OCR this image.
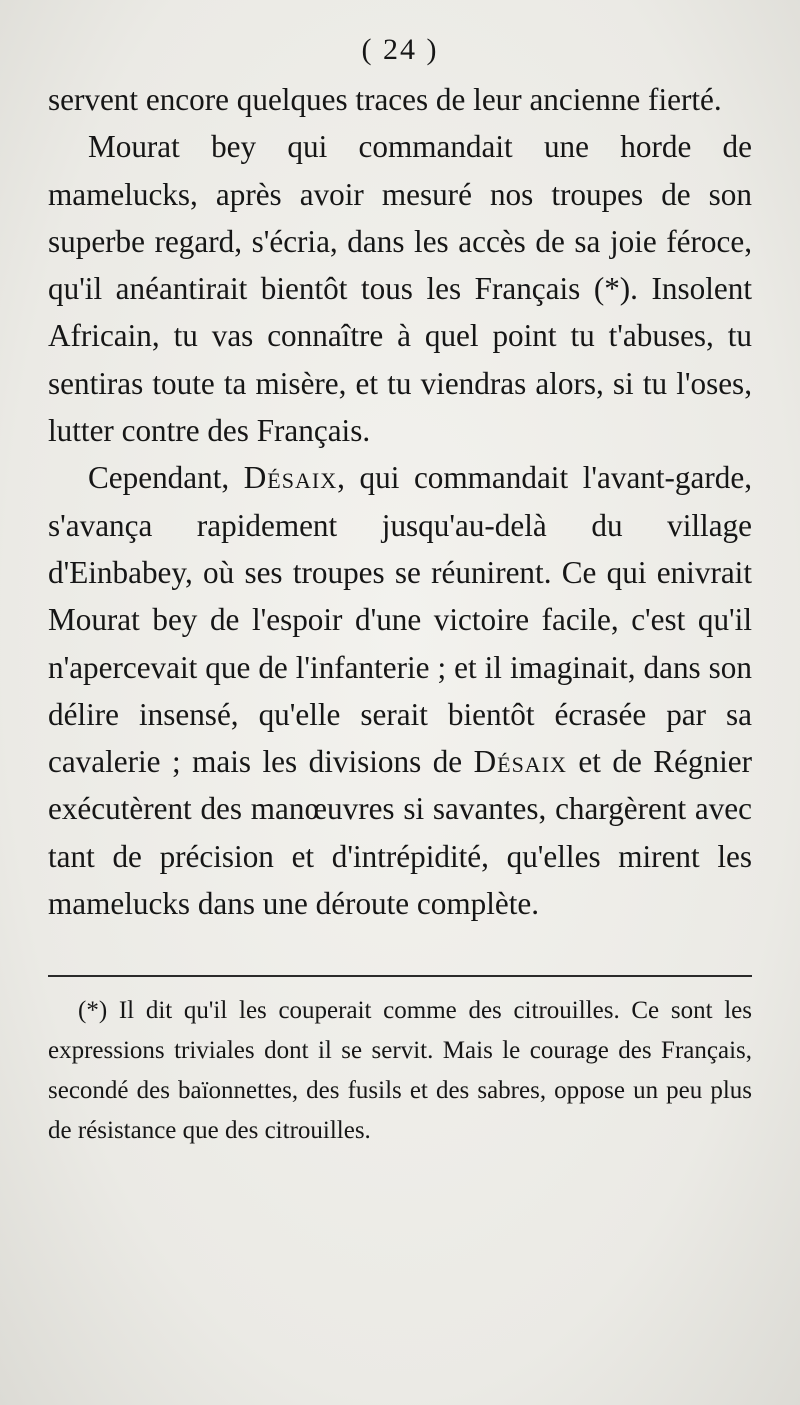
( 24 )

servent encore quelques traces de leur ancienne fierté.

Mourat bey qui commandait une horde de mamelucks, après avoir mesuré nos troupes de son superbe regard, s'écria, dans les accès de sa joie féroce, qu'il anéantirait bientôt tous les Français (*). Insolent Africain, tu vas connaître à quel point tu t'abuses, tu sentiras toute ta misère, et tu viendras alors, si tu l'oses, lutter contre des Français.

Cependant, Désaix, qui commandait l'avant-garde, s'avança rapidement jusqu'au-delà du village d'Einbabey, où ses troupes se réunirent. Ce qui enivrait Mourat bey de l'espoir d'une victoire facile, c'est qu'il n'apercevait que de l'infanterie ; et il imaginait, dans son délire insensé, qu'elle serait bientôt écrasée par sa cavalerie ; mais les divisions de Désaix et de Régnier exécutèrent des manœuvres si savantes, chargèrent avec tant de précision et d'intrépidité, qu'elles mirent les mamelucks dans une déroute complète.

(*) Il dit qu'il les couperait comme des citrouilles. Ce sont les expressions triviales dont il se servit. Mais le courage des Français, secondé des baïonnettes, des fusils et des sabres, oppose un peu plus de résistance que des citrouilles.
